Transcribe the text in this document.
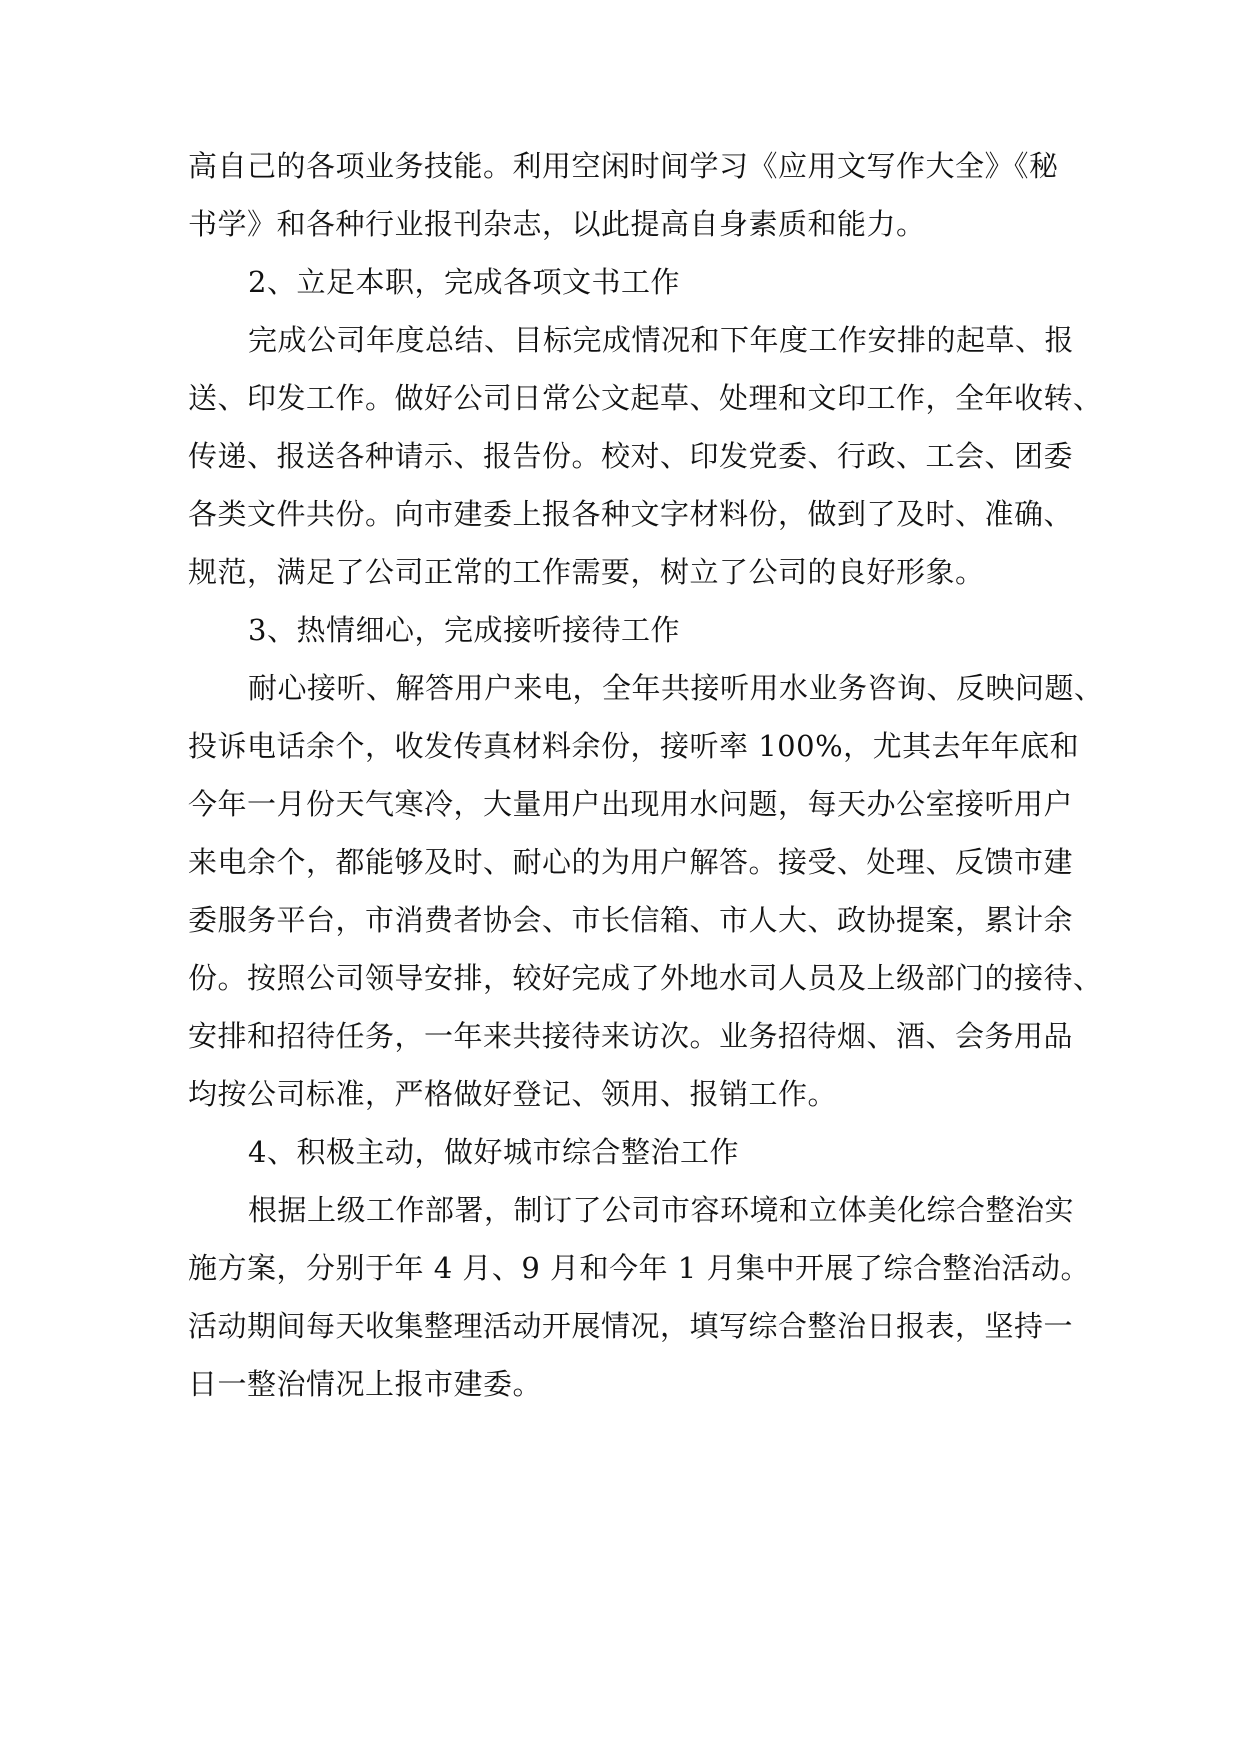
高自己的各项业务技能。利用空闲时间学习《应用文写作大全》《秘
书学》和各种行业报刊杂志，以此提高自身素质和能力。
2、立足本职，完成各项文书工作
完成公司年度总结、目标完成情况和下年度工作安排的起草、报
送、印发工作。做好公司日常公文起草、处理和文印工作，全年收转、
传递、报送各种请示、报告份。校对、印发党委、行政、工会、团委
各类文件共份。向市建委上报各种文字材料份，做到了及时、准确、
规范，满足了公司正常的工作需要，树立了公司的良好形象。
3、热情细心，完成接听接待工作
耐心接听、解答用户来电，全年共接听用水业务咨询、反映问题、
投诉电话余个，收发传真材料余份，接听率 100%，尤其去年年底和
今年一月份天气寒冷，大量用户出现用水问题，每天办公室接听用户
来电余个，都能够及时、耐心的为用户解答。接受、处理、反馈市建
委服务平台，市消费者协会、市长信箱、市人大、政协提案，累计余
份。按照公司领导安排，较好完成了外地水司人员及上级部门的接待、
安排和招待任务，一年来共接待来访次。业务招待烟、酒、会务用品
均按公司标准，严格做好登记、领用、报销工作。
4、积极主动，做好城市综合整治工作
根据上级工作部署，制订了公司市容环境和立体美化综合整治实
施方案，分别于年 4 月、9 月和今年 1 月集中开展了综合整治活动。
活动期间每天收集整理活动开展情况，填写综合整治日报表，坚持一
日一整治情况上报市建委。
